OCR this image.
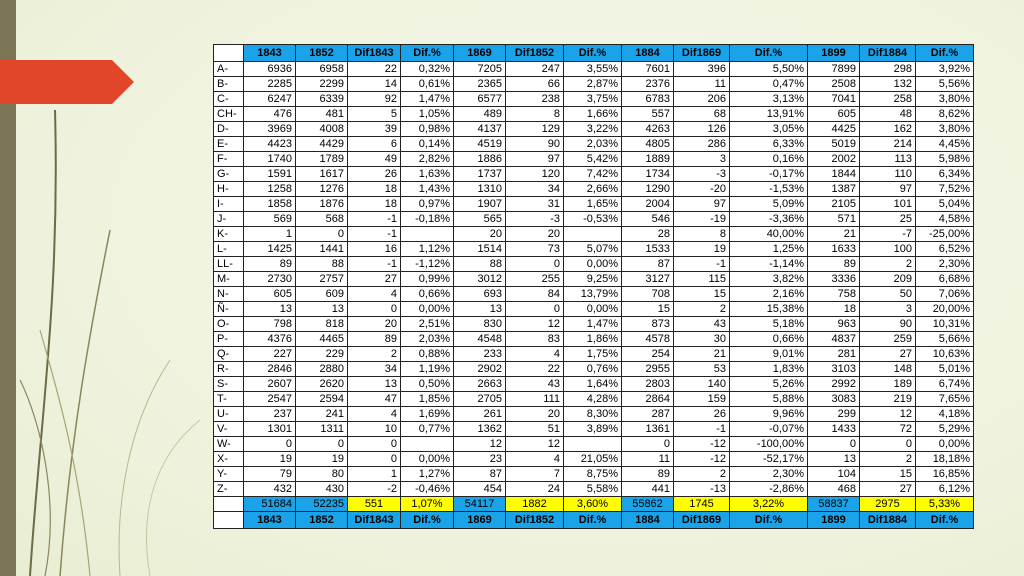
	1843	1852	Dif1843	Dif.%	1869	Dif1852	Dif.%	1884	Dif1869	Dif.%	1899	Dif1884	Dif.%
A-	6936	6958	22	0,32%	7205	247	3,55%	7601	396	5,50%	7899	298	3,92%
B-	2285	2299	14	0,61%	2365	66	2,87%	2376	11	0,47%	2508	132	5,56%
C-	6247	6339	92	1,47%	6577	238	3,75%	6783	206	3,13%	7041	258	3,80%
CH-	476	481	5	1,05%	489	8	1,66%	557	68	13,91%	605	48	8,62%
D-	3969	4008	39	0,98%	4137	129	3,22%	4263	126	3,05%	4425	162	3,80%
E-	4423	4429	6	0,14%	4519	90	2,03%	4805	286	6,33%	5019	214	4,45%
F-	1740	1789	49	2,82%	1886	97	5,42%	1889	3	0,16%	2002	113	5,98%
G-	1591	1617	26	1,63%	1737	120	7,42%	1734	-3	-0,17%	1844	110	6,34%
H-	1258	1276	18	1,43%	1310	34	2,66%	1290	-20	-1,53%	1387	97	7,52%
I-	1858	1876	18	0,97%	1907	31	1,65%	2004	97	5,09%	2105	101	5,04%
J-	569	568	-1	-0,18%	565	-3	-0,53%	546	-19	-3,36%	571	25	4,58%
K-	1	0	-1		20	20		28	8	40,00%	21	-7	-25,00%
L-	1425	1441	16	1,12%	1514	73	5,07%	1533	19	1,25%	1633	100	6,52%
LL-	89	88	-1	-1,12%	88	0	0,00%	87	-1	-1,14%	89	2	2,30%
M-	2730	2757	27	0,99%	3012	255	9,25%	3127	115	3,82%	3336	209	6,68%
N-	605	609	4	0,66%	693	84	13,79%	708	15	2,16%	758	50	7,06%
Ñ-	13	13	0	0,00%	13	0	0,00%	15	2	15,38%	18	3	20,00%
O-	798	818	20	2,51%	830	12	1,47%	873	43	5,18%	963	90	10,31%
P-	4376	4465	89	2,03%	4548	83	1,86%	4578	30	0,66%	4837	259	5,66%
Q-	227	229	2	0,88%	233	4	1,75%	254	21	9,01%	281	27	10,63%
R-	2846	2880	34	1,19%	2902	22	0,76%	2955	53	1,83%	3103	148	5,01%
S-	2607	2620	13	0,50%	2663	43	1,64%	2803	140	5,26%	2992	189	6,74%
T-	2547	2594	47	1,85%	2705	111	4,28%	2864	159	5,88%	3083	219	7,65%
U-	237	241	4	1,69%	261	20	8,30%	287	26	9,96%	299	12	4,18%
V-	1301	1311	10	0,77%	1362	51	3,89%	1361	-1	-0,07%	1433	72	5,29%
W-	0	0	0		12	12		0	-12	-100,00%	0	0	0,00%
X-	19	19	0	0,00%	23	4	21,05%	11	-12	-52,17%	13	2	18,18%
Y-	79	80	1	1,27%	87	7	8,75%	89	2	2,30%	104	15	16,85%
Z-	432	430	-2	-0,46%	454	24	5,58%	441	-13	-2,86%	468	27	6,12%
	51684	52235	551	1,07%	54117	1882	3,60%	55862	1745	3,22%	58837	2975	5,33%
	1843	1852	Dif1843	Dif.%	1869	Dif1852	Dif.%	1884	Dif1869	Dif.%	1899	Dif1884	Dif.%
